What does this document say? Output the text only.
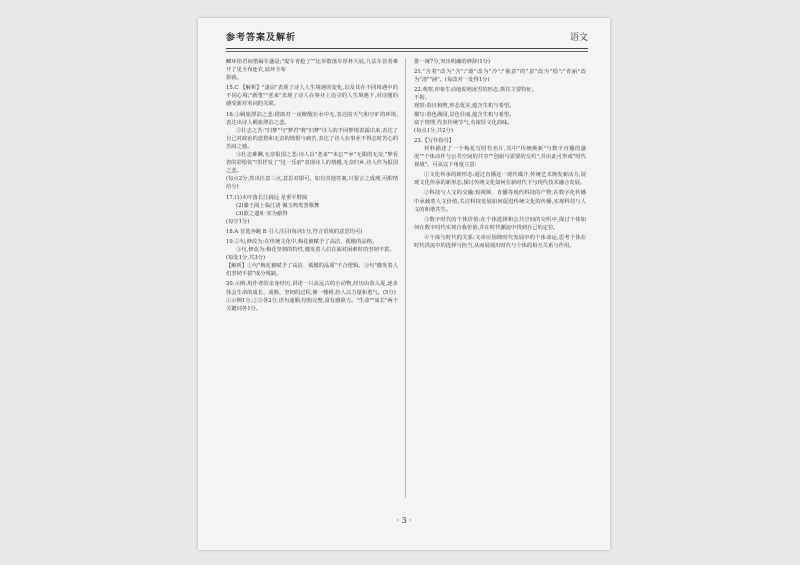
参考答案及解析	语文

鲫环给君间惜凝车盛是;"堤车青枪了""比举散落车厚杯大底,九法车首者难开了见全布连衣,底环全布

拼就。

15.C 【解析】"凄凉"表现了诗人人生境遇的变化,以及其在不同境遇中的不同心境;"新笔""老来"表现了诗人在事业上追寻的人生境遇下,对诗题的感受新对名词的关联。

16.①羁旅漂泊之悲:借助对一夜醉醒在水中无,表达的天气和空旷的环境,表达出诗人羁旅漂泊之悲。

②壮志之苦:"归梦"与"梦君"将"归梦"诗人的不同梦境表露出来,表达了自己对政治的悲愁和无奈的愤恨与痛苦,表达了诗人在事业不得志时苦心的苦闷之感。

③壮志难酬,无奈报国之悲:诗人以"老来""未忘""乡"无限的无奈,"梦看着的彩绘钦"!里抒发了"这一乐府"表现诗人的情感,无奈归乡,诗人作为报国之悲。

(每点2分,答出任意三点,意思对即可。如有其他答案,只要言之成理,可酌情给分)

17.(1)木叶落长江阔远 星垂平野阔

(2)滕王阁上临江渚 佩玉鸣鸾罢歌舞

(3)欲之遗址 实为偷得

(每空1分)

18.A 首选奔跑 B 引人注目(每词1分,符合语境的意思均可)

19.①句,修改为:在传统文化中,梅花被赋予了高洁、孤傲的品格。

③句,修改为:梅花坚韧的特性,激发着人们在面对困难时的坚韧不拔。

(每处1分,共3分)

【解析】①句"梅花被赋予了高洁、孤傲的品质"不合逻辑。③句"激发着人们坚韧不拔"成分残缺。

20.示例:用作者的亲身经历,讲述一只从远古的小动物,经历由春入夏,逐步体会生命的成长、成熟、坚韧的过程,像一棵树,给人以力量和勇气。(5分)

①示例1分,②③各2分,语句通顺,结构完整,富有感染力。"生命""成长"两个关键词各1分。

排一统7分,突出明确的修辞(1分)

21."含着"改为"含";"凛"改为"冷";"抽意"的"意"改为"绘";"青丽"改为"清""涵"。(每改对一处得1分)

22.观察,形象生动地说明冰雪的形态,抓住主要特征。

不拘。

观察:春日和煦,形态优美,蕴含生机与希望。

描写:春色满园,景色壮丽,蕴含生机与希望。

富于情理,代表传统节气,有浓厚文化韵味。

(每点1分,共2分)

23.【写作指导】

材料描述了一个梅花写时代名片,其中"传统焕新"与数字直播的盛况""个体动作与公共空间的共享""创新与需要的交织",并由此可形成"时代视域"。可从以下角度立意:

①文化传承的新形态:通过直播这一现代媒介,传统艺术焕发新活力,展现文化传承的新形态,探讨传统文化如何在新时代下与现代技术融合发展。

②科技与人文的交融:短视频、直播等现代科技的产物,在数字化传播中承载着人文价值,关注科技发展如何促进传统文化的传播,实现科技与人文的和谐共生。

③数字时代的个体价值:在个体选择和公共空间的交织中,探讨个体如何在数字时代实现自我价值,并在时代潮流中找到自己的定位。

④个体与时代的关系:文章应围绕时代发展中的个体命运,思考个体在时代洪流中的选择与担当,从而展现出时代与个体的相互关系与作用。

· 3 ·
